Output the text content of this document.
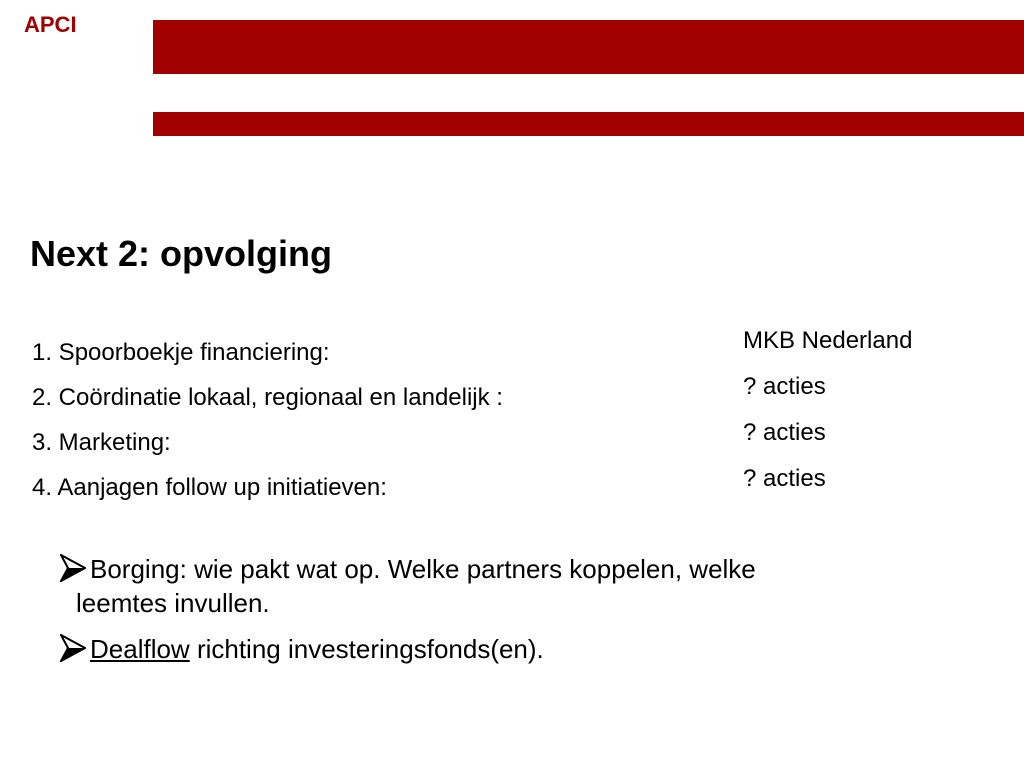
APCI
Next 2: opvolging
1. Spoorboekje financiering:
2. Coördinatie lokaal, regionaal en landelijk :
3. Marketing:
4. Aanjagen follow up initiatieven:
MKB Nederland
? acties
? acties
? acties
Borging: wie pakt wat op. Welke partners koppelen, welke
leemtes invullen.
Dealflow richting investeringsfonds(en).
